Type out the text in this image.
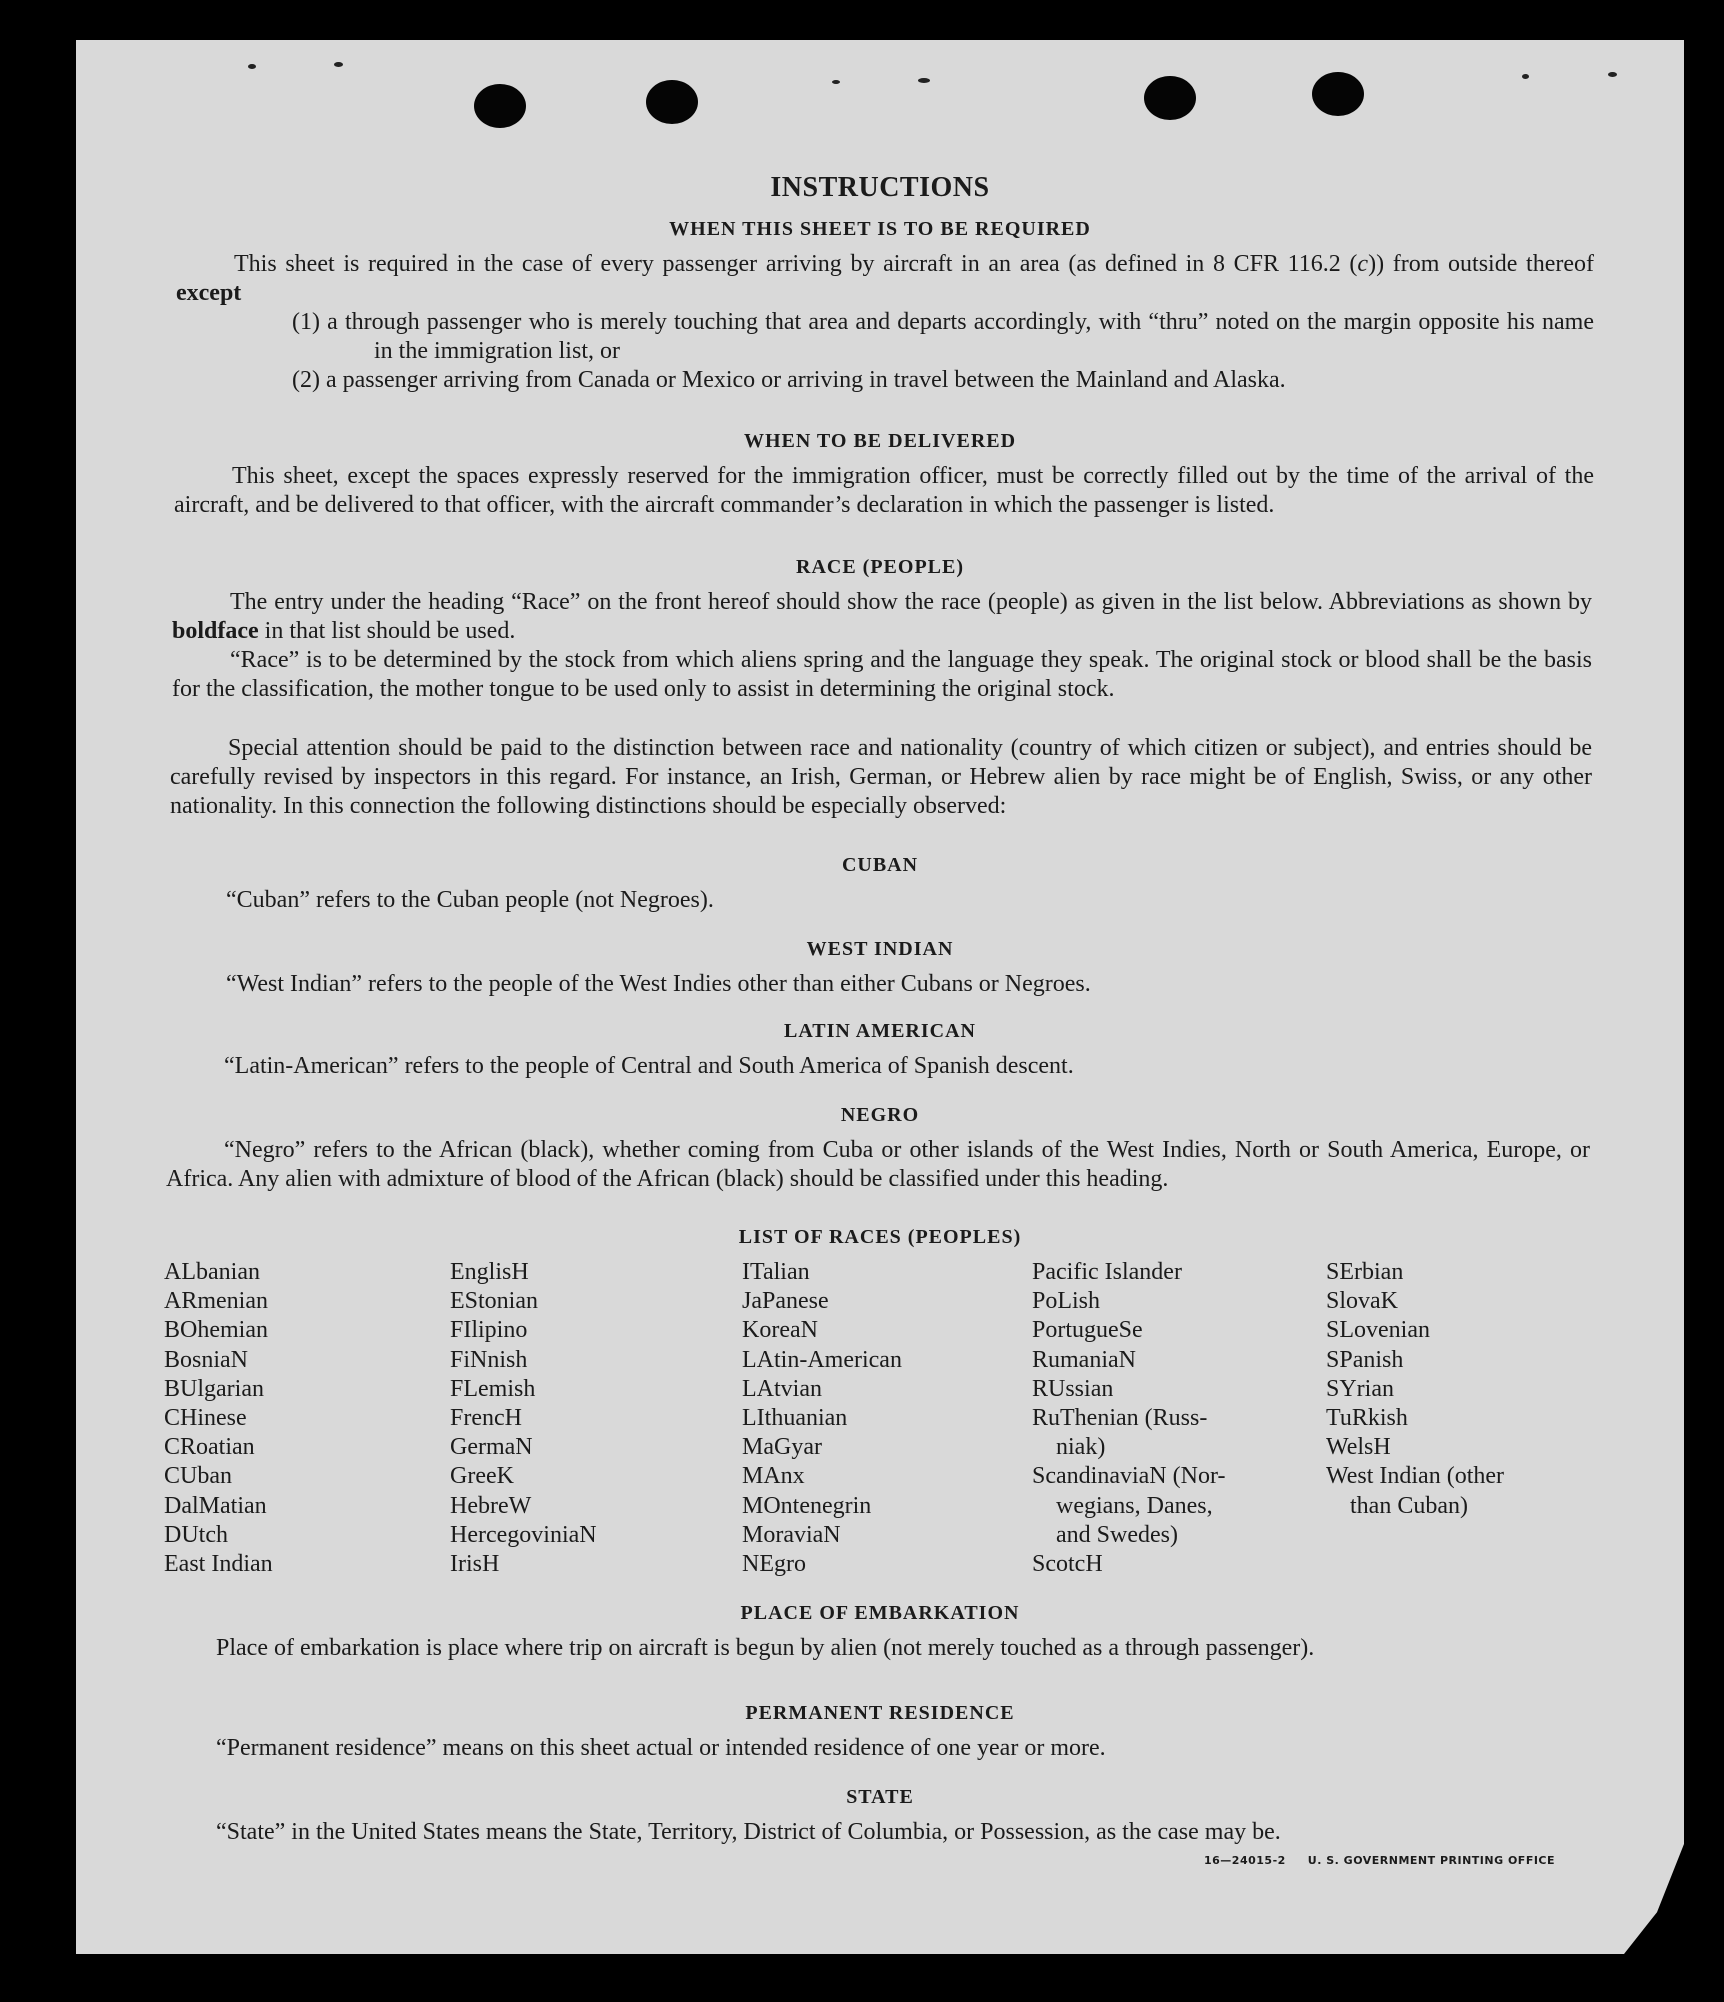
INSTRUCTIONS
WHEN THIS SHEET IS TO BE REQUIRED

This sheet is required in the case of every passenger arriving by aircraft in an area (as defined in 8 CFR 116.2 (c)) from outside thereof except

(1) a through passenger who is merely touching that area and departs accordingly, with “thru” noted on the margin opposite his name in the immigration list, or

(2) a passenger arriving from Canada or Mexico or arriving in travel between the Mainland and Alaska.

WHEN TO BE DELIVERED

This sheet, except the spaces expressly reserved for the immigration officer, must be correctly filled out by the time of the arrival of the aircraft, and be delivered to that officer, with the aircraft commander’s declaration in which the passenger is listed.

RACE (PEOPLE)

The entry under the heading “Race” on the front hereof should show the race (people) as given in the list below. Abbreviations as shown by boldface in that list should be used.

“Race” is to be determined by the stock from which aliens spring and the language they speak. The original stock or blood shall be the basis for the classification, the mother tongue to be used only to assist in determining the original stock.

Special attention should be paid to the distinction between race and nationality (country of which citizen or subject), and entries should be carefully revised by inspectors in this regard. For instance, an Irish, German, or Hebrew alien by race might be of English, Swiss, or any other nationality. In this connection the following distinctions should be especially observed:

CUBAN
“Cuban” refers to the Cuban people (not Negroes).
WEST INDIAN
“West Indian” refers to the people of the West Indies other than either Cubans or Negroes.
LATIN AMERICAN
“Latin-American” refers to the people of Central and South America of Spanish descent.
NEGRO

“Negro” refers to the African (black), whether coming from Cuba or other islands of the West Indies, North or South America, Europe, or Africa. Any alien with admixture of blood of the African (black) should be classified under this heading.

LIST OF RACES (PEOPLES)
ALbanian
ARmenian
BOhemian
BosniaN
BUlgarian
CHinese
CRoatian
CUban
DalMatian
DUtch
East Indian
EnglisH
EStonian
FIlipino
FiNnish
FLemish
FrencH
GermaN
GreeK
HebreW
HercegoviniaN
IrisH
ITalian
JaPanese
KoreaN
LAtin-American
LAtvian
LIthuanian
MaGyar
MAnx
MOntenegrin
MoraviaN
NEgro
Pacific Islander
PoLish
PortugueSe
RumaniaN
RUssian
RuThenian (Russ-
niak)
ScandinaviaN (Nor-
wegians, Danes,
and Swedes)
ScotcH
SErbian
SlovaK
SLovenian
SPanish
SYrian
TuRkish
WelsH
West Indian (other
than Cuban)
PLACE OF EMBARKATION

Place of embarkation is place where trip on aircraft is begun by alien (not merely touched as a through passenger).

PERMANENT RESIDENCE
“Permanent residence” means on this sheet actual or intended residence of one year or more.
STATE

“State” in the United States means the State, Territory, District of Columbia, or Possession, as the case may be.

16—24015-2 U. S. GOVERNMENT PRINTING OFFICE
